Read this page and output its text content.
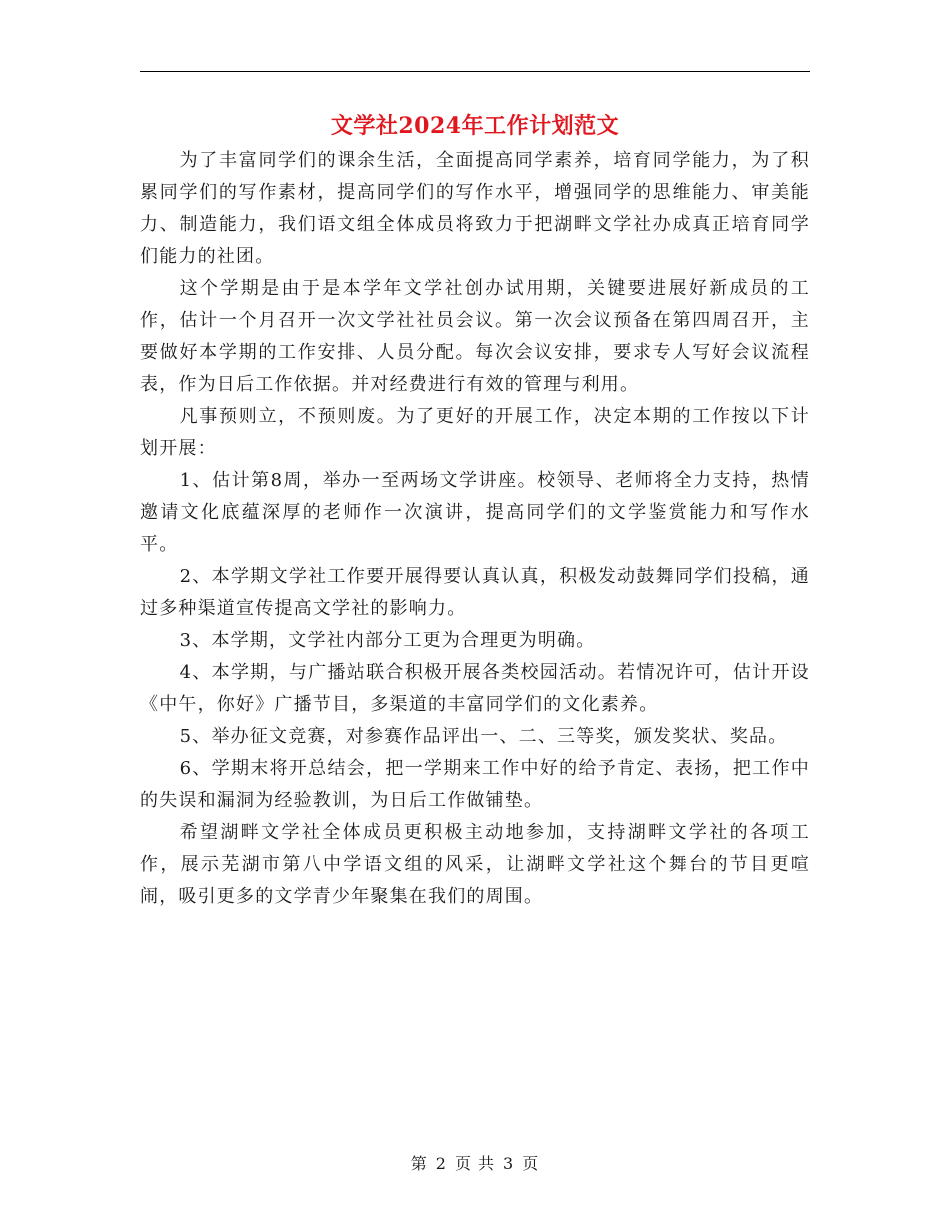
文学社2024年工作计划范文

为了丰富同学们的课余生活，全面提高同学素养，培育同学能力，为了积累同学们的写作素材，提高同学们的写作水平，增强同学的思维能力、审美能力、制造能力，我们语文组全体成员将致力于把湖畔文学社办成真正培育同学们能力的社团。

这个学期是由于是本学年文学社创办试用期，关键要进展好新成员的工作，估计一个月召开一次文学社社员会议。第一次会议预备在第四周召开，主要做好本学期的工作安排、人员分配。每次会议安排，要求专人写好会议流程表，作为日后工作依据。并对经费进行有效的管理与利用。

凡事预则立，不预则废。为了更好的开展工作，决定本期的工作按以下计划开展：

1、估计第8周，举办一至两场文学讲座。校领导、老师将全力支持，热情邀请文化底蕴深厚的老师作一次演讲，提高同学们的文学鉴赏能力和写作水平。

2、本学期文学社工作要开展得要认真认真，积极发动鼓舞同学们投稿，通过多种渠道宣传提高文学社的影响力。

3、本学期，文学社内部分工更为合理更为明确。

4、本学期，与广播站联合积极开展各类校园活动。若情况许可，估计开设《中午，你好》广播节目，多渠道的丰富同学们的文化素养。

5、举办征文竞赛，对参赛作品评出一、二、三等奖，颁发奖状、奖品。

6、学期末将开总结会，把一学期来工作中好的给予肯定、表扬，把工作中的失误和漏洞为经验教训，为日后工作做铺垫。

希望湖畔文学社全体成员更积极主动地参加，支持湖畔文学社的各项工作，展示芜湖市第八中学语文组的风采，让湖畔文学社这个舞台的节目更喧闹，吸引更多的文学青少年聚集在我们的周围。

第 2 页 共 3 页
